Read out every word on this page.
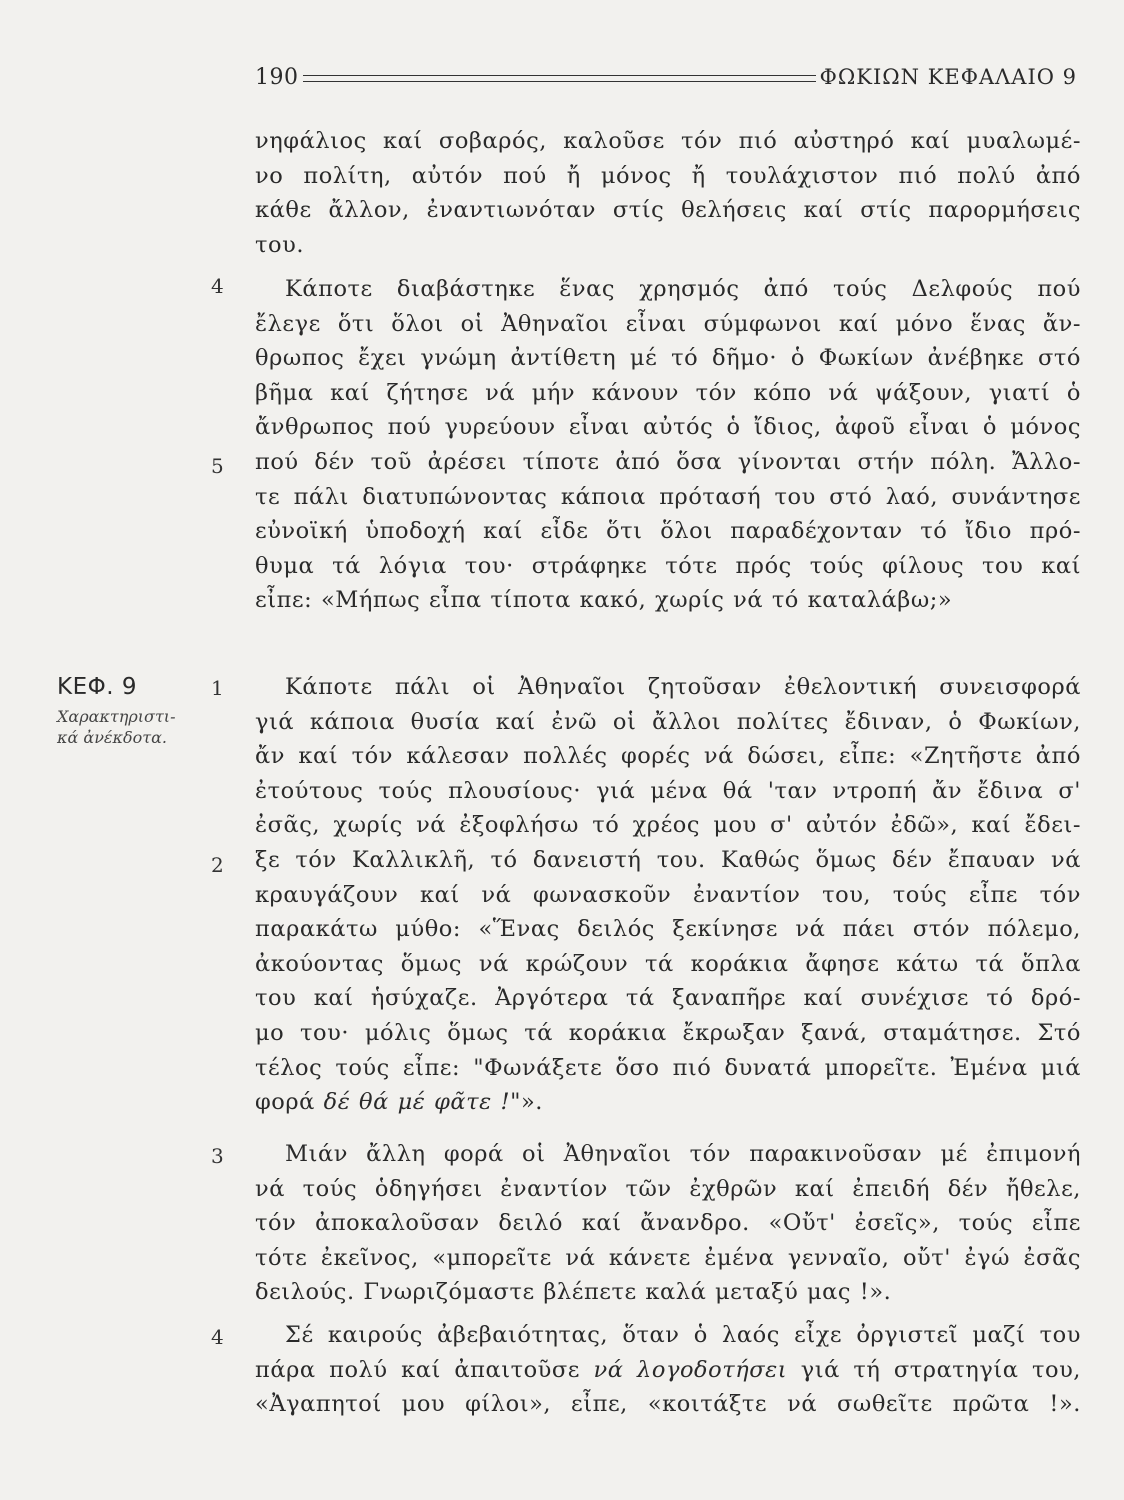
190	ΦΩΚΙΩΝ ΚΕΦΑΛΑΙΟ 9
4
5
1
2
3
4
ΚΕΦ. 9
Χαρακτηριστι-
κά ἀνέκδοτα.
νηφάλιος καί σοβαρός, καλοῦσε τόν πιό αὐστηρό καί μυαλωμέ-
νο πολίτη, αὐτόν πού ἤ μόνος ἤ τουλάχιστον πιό πολύ ἀπό
κάθε ἄλλον, ἐναντιωνόταν στίς θελήσεις καί στίς παρορμήσεις
του.
Κάποτε διαβάστηκε ἕνας χρησμός ἀπό τούς Δελφούς πού
ἔλεγε ὅτι ὅλοι οἱ Ἀθηναῖοι εἶναι σύμφωνοι καί μόνο ἕνας ἄν-
θρωπος ἔχει γνώμη ἀντίθετη μέ τό δῆμο· ὁ Φωκίων ἀνέβηκε στό
βῆμα καί ζήτησε νά μήν κάνουν τόν κόπο νά ψάξουν, γιατί ὁ
ἄνθρωπος πού γυρεύουν εἶναι αὐτός ὁ ἴδιος, ἀφοῦ εἶναι ὁ μόνος
πού δέν τοῦ ἀρέσει τίποτε ἀπό ὅσα γίνονται στήν πόλη. Ἄλλο-
τε πάλι διατυπώνοντας κάποια πρότασή του στό λαό, συνάντησε
εὐνοϊκή ὑποδοχή καί εἶδε ὅτι ὅλοι παραδέχονταν τό ἴδιο πρό-
θυμα τά λόγια του· στράφηκε τότε πρός τούς φίλους του καί
εἶπε: «Μήπως εἶπα τίποτα κακό, χωρίς νά τό καταλάβω;»
Κάποτε πάλι οἱ Ἀθηναῖοι ζητοῦσαν ἐθελοντική συνεισφορά
γιά κάποια θυσία καί ἐνῶ οἱ ἄλλοι πολίτες ἔδιναν, ὁ Φωκίων,
ἄν καί τόν κάλεσαν πολλές φορές νά δώσει, εἶπε: «Ζητῆστε ἀπό
ἐτούτους τούς πλουσίους· γιά μένα θά 'ταν ντροπή ἄν ἔδινα σ'
ἐσᾶς, χωρίς νά ἐξοφλήσω τό χρέος μου σ' αὐτόν ἐδῶ», καί ἔδει-
ξε τόν Καλλικλῆ, τό δανειστή του. Καθώς ὅμως δέν ἔπαυαν νά
κραυγάζουν καί νά φωνασκοῦν ἐναντίον του, τούς εἶπε τόν
παρακάτω μύθο: «Ἕνας δειλός ξεκίνησε νά πάει στόν πόλεμο,
ἀκούοντας ὅμως νά κρώζουν τά κοράκια ἄφησε κάτω τά ὅπλα
του καί ἡσύχαζε. Ἀργότερα τά ξαναπῆρε καί συνέχισε τό δρό-
μο του· μόλις ὅμως τά κοράκια ἔκρωξαν ξανά, σταμάτησε. Στό
τέλος τούς εἶπε: "Φωνάξετε ὅσο πιό δυνατά μπορεῖτε. Ἐμένα μιά
φορά δέ θά μέ φᾶτε !"».
Μιάν ἄλλη φορά οἱ Ἀθηναῖοι τόν παρακινοῦσαν μέ ἐπιμονή
νά τούς ὁδηγήσει ἐναντίον τῶν ἐχθρῶν καί ἐπειδή δέν ἤθελε,
τόν ἀποκαλοῦσαν δειλό καί ἄνανδρο. «Οὔτ' ἐσεῖς», τούς εἶπε
τότε ἐκεῖνος, «μπορεῖτε νά κάνετε ἐμένα γενναῖο, οὔτ' ἐγώ ἐσᾶς
δειλούς. Γνωριζόμαστε βλέπετε καλά μεταξύ μας !».
Σέ καιρούς ἀβεβαιότητας, ὅταν ὁ λαός εἶχε ὀργιστεῖ μαζί του
πάρα πολύ καί ἀπαιτοῦσε νά λογοδοτήσει γιά τή στρατηγία του,
«Ἀγαπητοί μου φίλοι», εἶπε, «κοιτάξτε νά σωθεῖτε πρῶτα !».
